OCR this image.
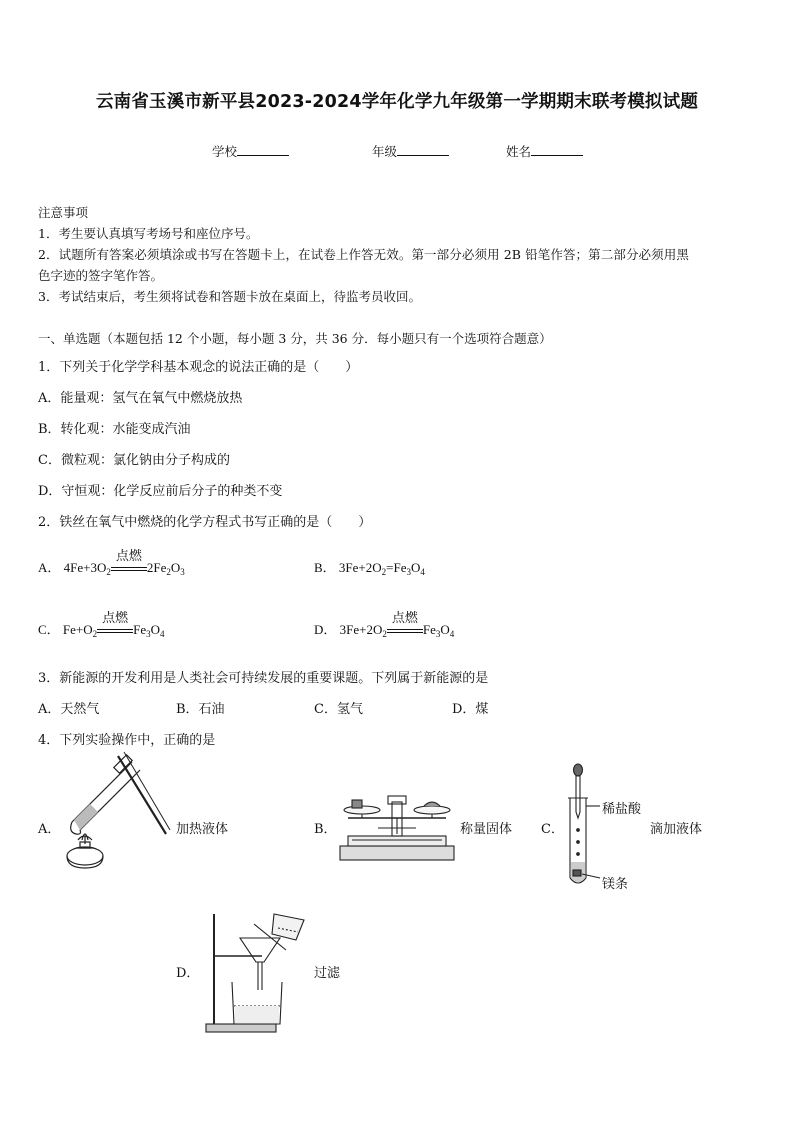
云南省玉溪市新平县2023-2024学年化学九年级第一学期期末联考模拟试题
学校	年级	姓名
注意事项
1．考生要认真填写考场号和座位序号。
2．试题所有答案必须填涂或书写在答题卡上，在试卷上作答无效。第一部分必须用 2B 铅笔作答；第二部分必须用黑
色字迹的签字笔作答。
3．考试结束后，考生须将试卷和答题卡放在桌面上，待监考员收回。
一、单选题（本题包括 12 个小题，每小题 3 分，共 36 分．每小题只有一个选项符合题意）
1．下列关于化学学科基本观念的说法正确的是（　　）
A．能量观：氢气在氧气中燃烧放热
B．转化观：水能变成汽油
C．微粒观：氯化钠由分子构成的
D．守恒观：化学反应前后分子的种类不变
2．铁丝在氧气中燃烧的化学方程式书写正确的是（　　）
A． $4Fe+3O_2$
点燃
$2Fe_2O_3$	B． $3Fe+2O_2=Fe_3O_4$
C． $Fe+O_2$
点燃
$Fe_3O_4$	D． $3Fe+2O_2$
点燃
$Fe_3O_4$
3．新能源的开发利用是人类社会可持续发展的重要课题。下列属于新能源的是
A．天然气	B．石油	C．氢气	D．煤
4．下列实验操作中，正确的是
A．	加热液体	B．	称量固体 C．
稀盐酸
镁条
滴加液体
D．	过滤
